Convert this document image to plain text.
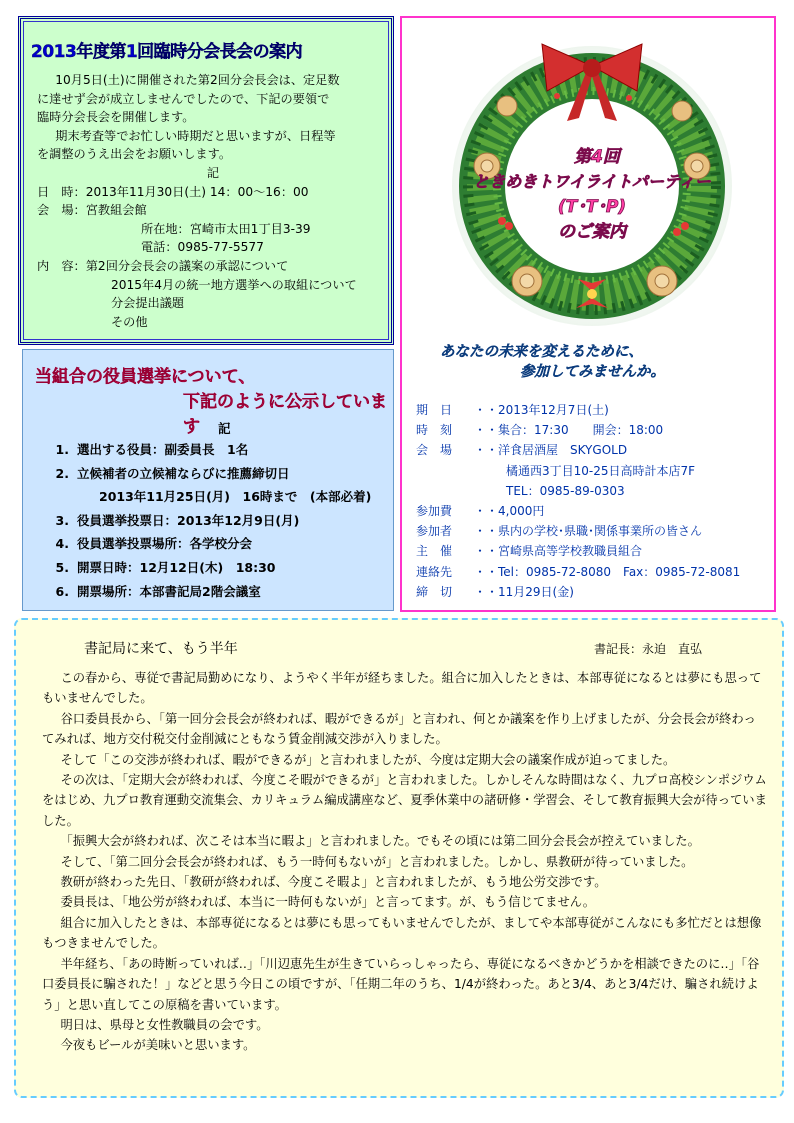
2013年度第1回臨時分会長会の案内

10月5日(土)に開催された第2回分会長会は、定足数
に達せず会が成立しませんでしたので、下記の要領で
臨時分会長会を開催します。

期末考査等でお忙しい時期だと思いますが、日程等
を調整のうえ出会をお願いします。

記

日　時：2013年11月30日(土) 14：00～16：00

会　場：宮教組会館

所在地：宮崎市太田1丁目3-39

電話：0985-77-5577

内　容：第2回分会長会の議案の承認について

2015年4月の統一地方選挙への取組について

分会提出議題

その他

当組合の役員選挙について、
下記のように公示しています	記
1. 選出する役員：副委員長　1名
2. 立候補者の立候補ならびに推薦締切日
2013年11月25日(月)　16時まで　(本部必着)
3. 役員選挙投票日：2013年12月9日(月)
4. 役員選挙投票場所：各学校分会
5. 開票日時：12月12日(木)　18:30
6. 開票場所：本部書記局2階会議室
第4回
ときめきトワイライトパーティー
(T･T･P)
のご案内
あなたの未来を変えるために、
参加してみませんか。

期　日 ・・2013年12月7日(土)

時　刻 ・・集合：17:30　　開会：18:00

会　場 ・・洋食居酒屋　SKYGOLD

橘通西3丁目10-25日高時計本店7F

TEL：0985-89-0303

参加費 ・・4,000円

参加者 ・・県内の学校･県職･関係事業所の皆さん

主　催 ・・宮崎県高等学校教職員組合

連絡先 ・・Tel：0985-72-8080　Fax：0985-72-8081

締　切 ・・11月29日(金)

書記局に来て、もう半年	書記長：永迫　直弘

この春から、専従で書記局勤めになり、ようやく半年が経ちました。組合に加入したときは、本部専従になるとは夢にも思ってもいませんでした。

谷口委員長から、「第一回分会長会が終われば、暇ができるが」と言われ、何とか議案を作り上げましたが、分会長会が終わってみれば、地方交付税交付金削減にともなう賃金削減交渉が入りました。

そして「この交渉が終われば、暇ができるが」と言われましたが、今度は定期大会の議案作成が迫ってました。

その次は、「定期大会が終われば、今度こそ暇ができるが」と言われました。しかしそんな時間はなく、九プロ高校シンポジウムをはじめ、九プロ教育運動交流集会、カリキュラム編成講座など、夏季休業中の諸研修・学習会、そして教育振興大会が待っていました。

「振興大会が終われば、次こそは本当に暇よ」と言われました。でもその頃には第二回分会長会が控えていました。

そして、「第二回分会長会が終われば、もう一時何もないが」と言われました。しかし、県教研が待っていました。

教研が終わった先日、「教研が終われば、今度こそ暇よ」と言われましたが、もう地公労交渉です。

委員長は、「地公労が終われば、本当に一時何もないが」と言ってます。が、もう信じてません。

組合に加入したときは、本部専従になるとは夢にも思ってもいませんでしたが、ましてや本部専従がこんなにも多忙だとは想像もつきませんでした。

半年経ち、「あの時断っていれば‥」「川辺恵先生が生きていらっしゃったら、専従になるべきかどうかを相談できたのに‥」「谷口委員長に騙された！」などと思う今日この頃ですが、「任期二年のうち、1/4が終わった。あと3/4、あと3/4だけ、騙され続けよう」と思い直してこの原稿を書いています。

明日は、県母と女性教職員の会です。

今夜もビールが美味いと思います。
